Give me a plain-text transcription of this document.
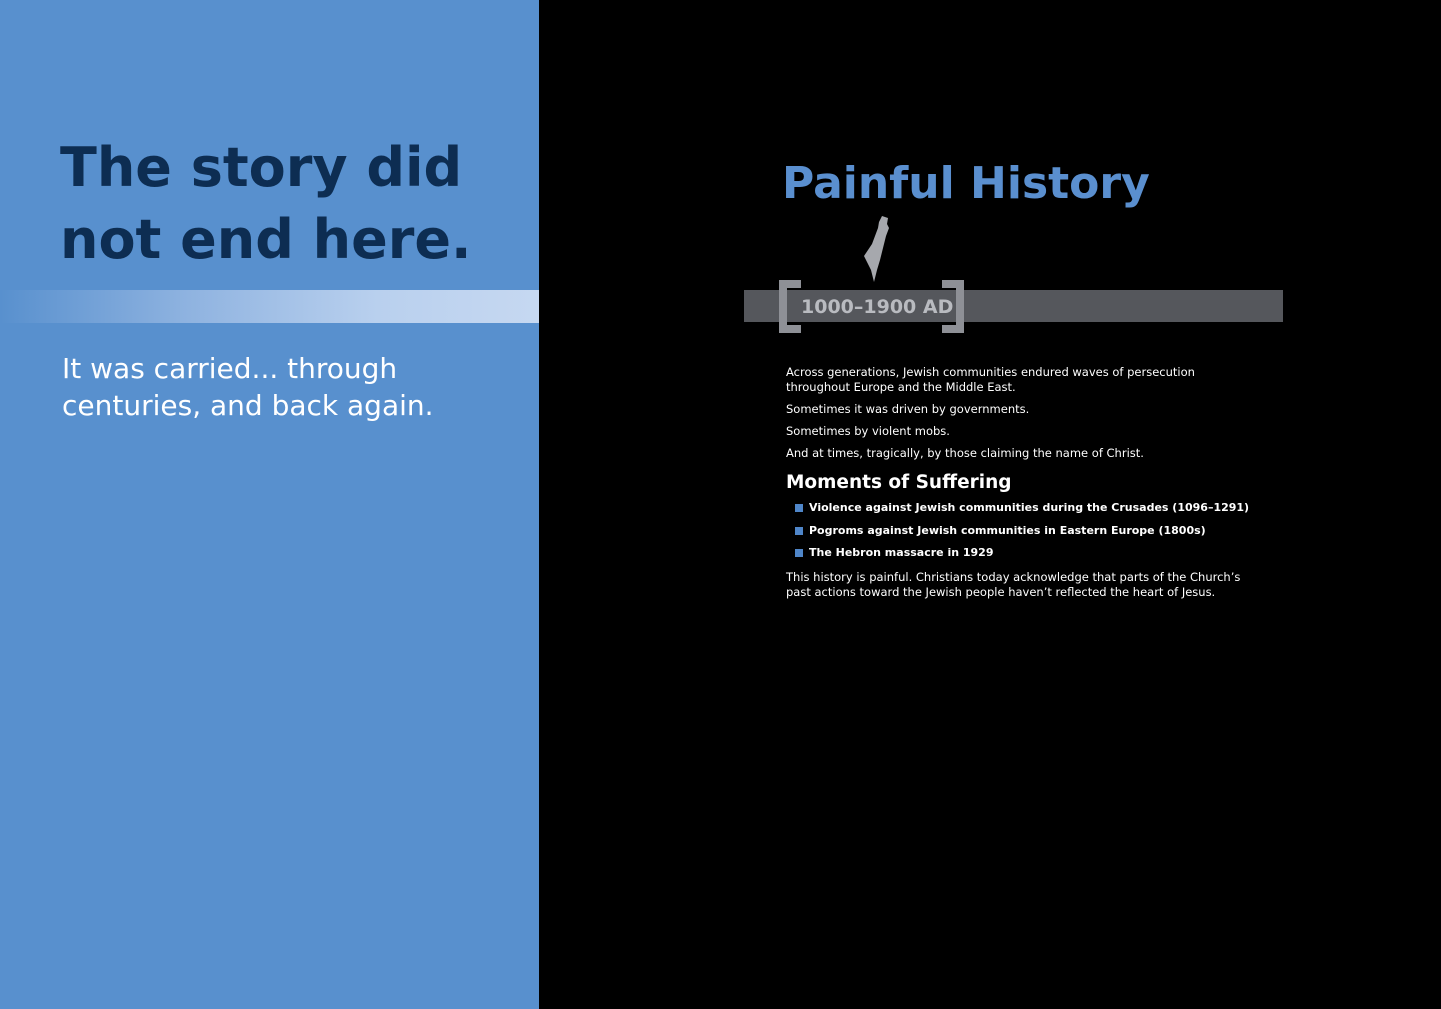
The story did
not end here.
It was carried... through
centuries, and back again.
Painful History
1000–1900 AD

Across generations, Jewish communities endured waves of persecution throughout Europe and the Middle East.

Sometimes it was driven by governments.

Sometimes by violent mobs.

And at times, tragically, by those claiming the name of Christ.

Moments of Suffering
Violence against Jewish communities during the Crusades (1096–1291)
Pogroms against Jewish communities in Eastern Europe (1800s)
The Hebron massacre in 1929

This history is painful. Christians today acknowledge that parts of the Church’s past actions toward the Jewish people haven’t reflected the heart of Jesus.
